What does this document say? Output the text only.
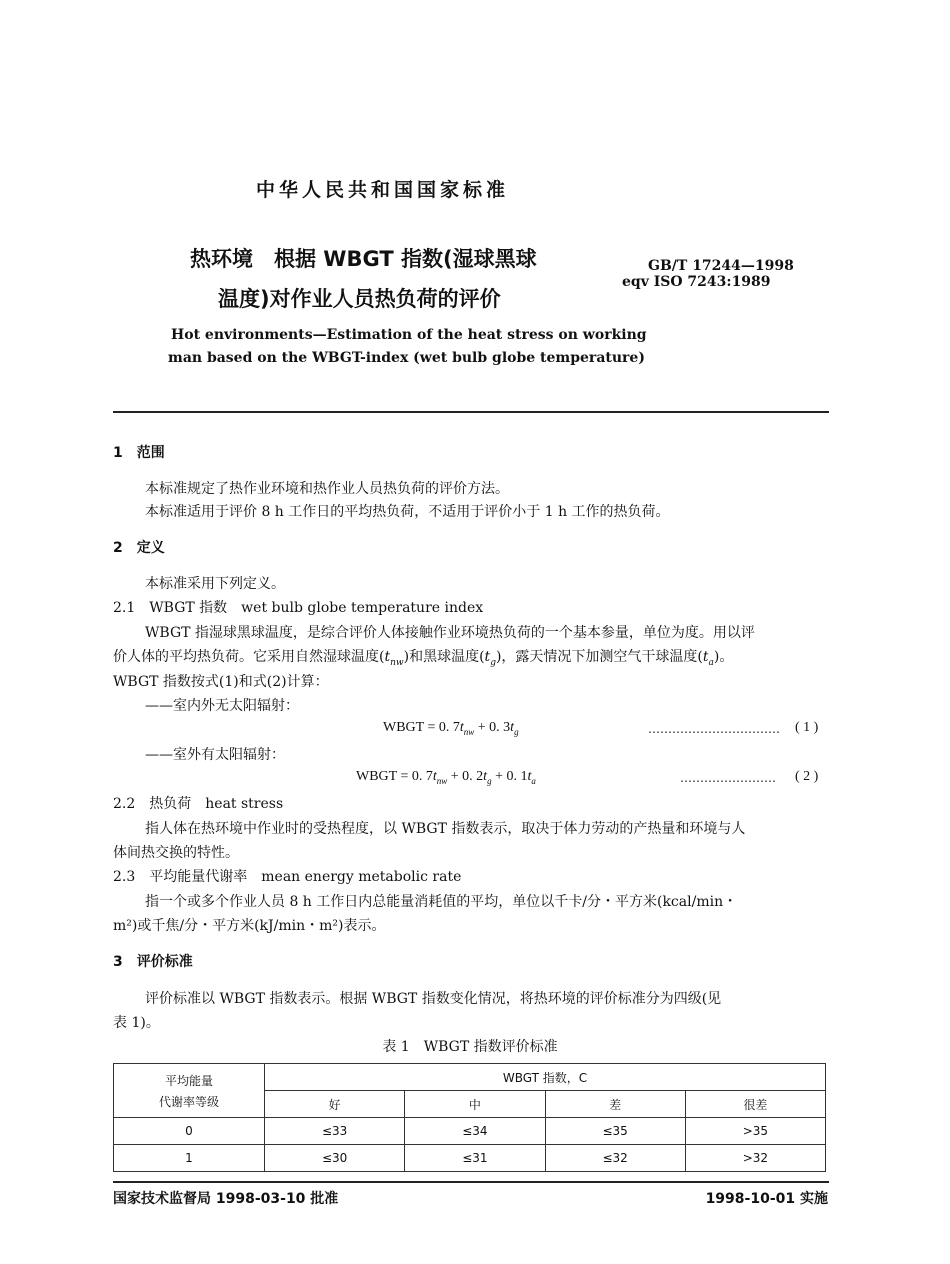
中华人民共和国国家标准
热环境　根据 WBGT 指数(湿球黑球
温度)对作业人员热负荷的评价
GB/T 17244—1998
eqv ISO 7243:1989
Hot environments—Estimation of the heat stress on working
man based on the WBGT-index (wet bulb globe temperature)
1　范围
本标准规定了热作业环境和热作业人员热负荷的评价方法。
本标准适用于评价 8 h 工作日的平均热负荷，不适用于评价小于 1 h 工作的热负荷。
2　定义
本标准采用下列定义。
2.1　WBGT 指数　wet bulb globe temperature index
WBGT 指湿球黑球温度，是综合评价人体接触作业环境热负荷的一个基本参量，单位为度。用以评
价人体的平均热负荷。它采用自然湿球温度$(t_{nw})$和黑球温度$(t_g)$，露天情况下加测空气干球温度$(t_a)$。
WBGT 指数按式(1)和式(2)计算：
——室内外无太阳辐射：
WBGT = 0. $7t_{nw} + 0$. $3t_g$	……………………………	( 1 )
——室外有太阳辐射：
WBGT = 0. $7t_{nw} + 0$. $2t_g + 0$. $1t_a$	……………………	( 2 )
2.2　热负荷　heat stress
指人体在热环境中作业时的受热程度，以 WBGT 指数表示，取决于体力劳动的产热量和环境与人
体间热交换的特性。
2.3　平均能量代谢率　mean energy metabolic rate
指一个或多个作业人员 8 h 工作日内总能量消耗值的平均，单位以千卡/分・平方米(kcal/min・
m²)或千焦/分・平方米(kJ/min・m²)表示。
3　评价标准
评价标准以 WBGT 指数表示。根据 WBGT 指数变化情况，将热环境的评价标准分为四级(见
表 1)。
表 1　WBGT 指数评价标准
平均能量
代谢率等级	WBGT 指数，C			
	好	中	差	很差
0	≤33	≤34	≤35	>35
1	≤30	≤31	≤32	>32
国家技术监督局 1998-03-10 批准	1998-10-01 实施
